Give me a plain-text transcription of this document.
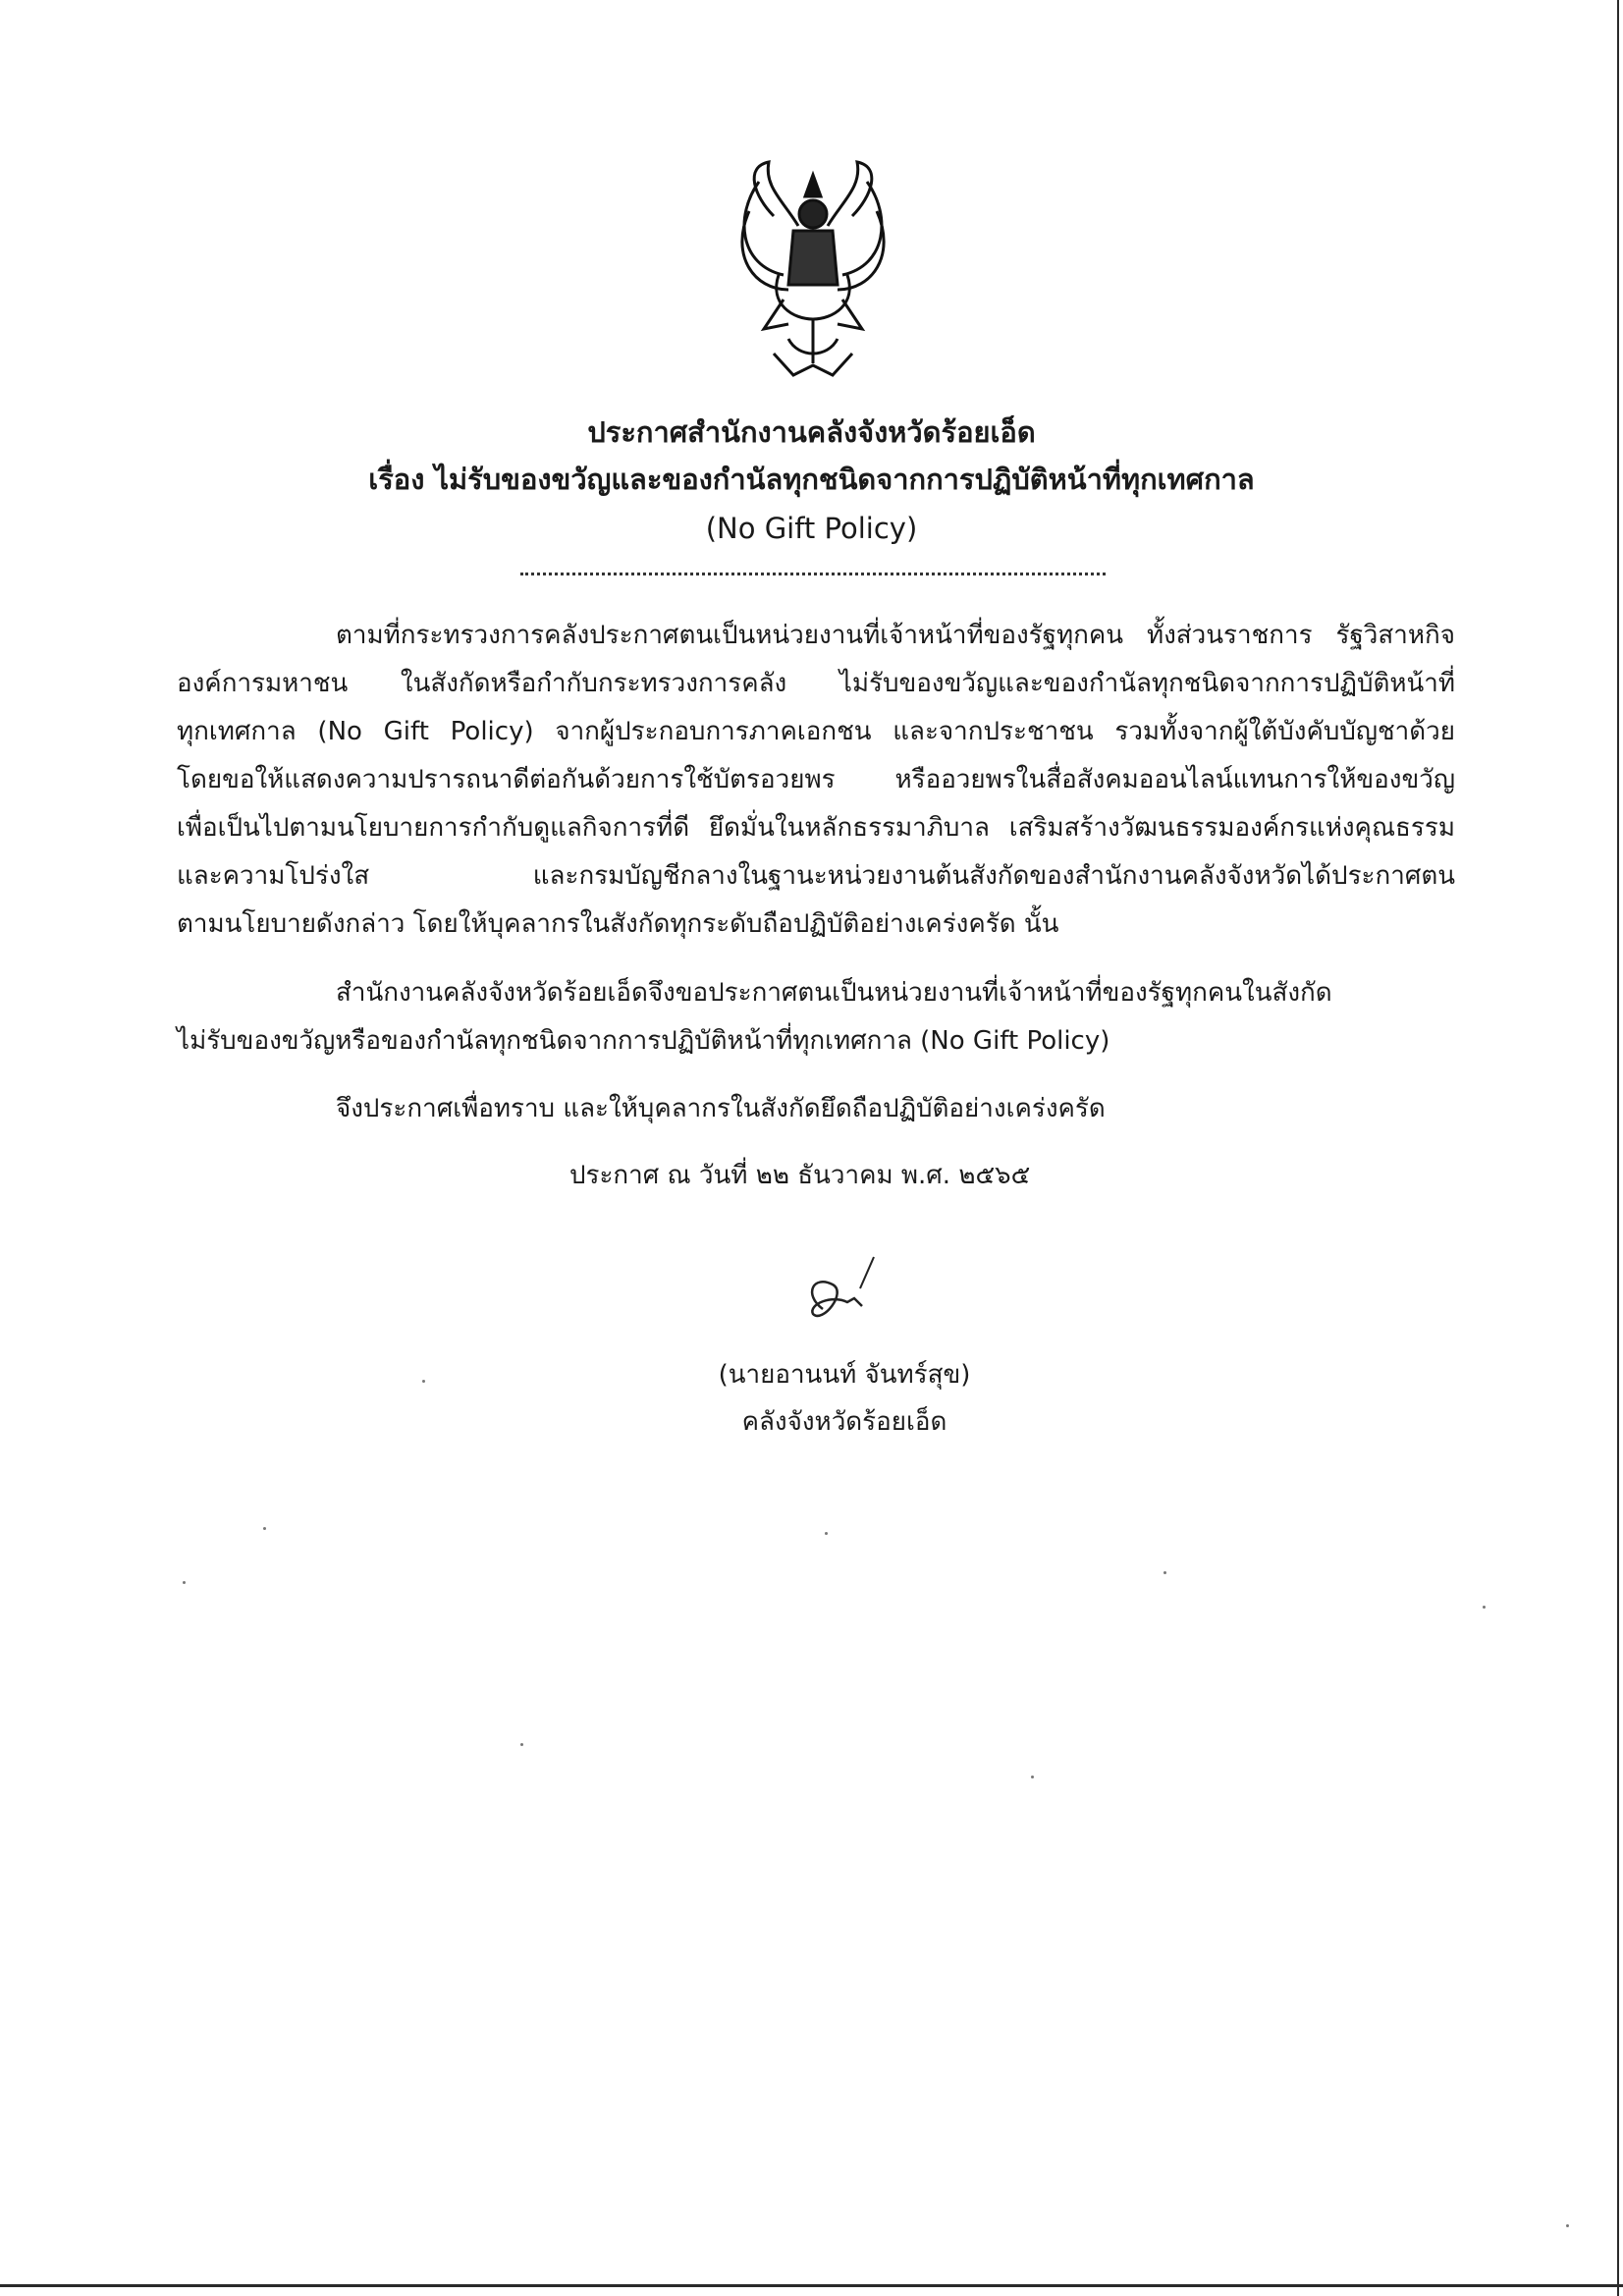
ประกาศสำนักงานคลังจังหวัดร้อยเอ็ด
เรื่อง ไม่รับของขวัญและของกำนัลทุกชนิดจากการปฏิบัติหน้าที่ทุกเทศกาล
(No Gift Policy)
ตามที่กระทรวงการคลังประกาศตนเป็นหน่วยงานที่เจ้าหน้าที่ของรัฐทุกคน ทั้งส่วนราชการ รัฐวิสาหกิจ
องค์การมหาชน ในสังกัดหรือกำกับกระทรวงการคลัง ไม่รับของขวัญและของกำนัลทุกชนิดจากการปฏิบัติหน้าที่
ทุกเทศกาล (No Gift Policy) จากผู้ประกอบการภาคเอกชน และจากประชาชน รวมทั้งจากผู้ใต้บังคับบัญชาด้วย
โดยขอให้แสดงความปรารถนาดีต่อกันด้วยการใช้บัตรอวยพร หรืออวยพรในสื่อสังคมออนไลน์แทนการให้ของขวัญ
เพื่อเป็นไปตามนโยบายการกำกับดูแลกิจการที่ดี ยึดมั่นในหลักธรรมาภิบาล เสริมสร้างวัฒนธรรมองค์กรแห่งคุณธรรม
และความโปร่งใส และกรมบัญชีกลางในฐานะหน่วยงานต้นสังกัดของสำนักงานคลังจังหวัดได้ประกาศตน
ตามนโยบายดังกล่าว โดยให้บุคลากรในสังกัดทุกระดับถือปฏิบัติอย่างเคร่งครัด นั้น
สำนักงานคลังจังหวัดร้อยเอ็ดจึงขอประกาศตนเป็นหน่วยงานที่เจ้าหน้าที่ของรัฐทุกคนในสังกัด
ไม่รับของขวัญหรือของกำนัลทุกชนิดจากการปฏิบัติหน้าที่ทุกเทศกาล (No Gift Policy)
จึงประกาศเพื่อทราบ และให้บุคลากรในสังกัดยึดถือปฏิบัติอย่างเคร่งครัด
ประกาศ ณ วันที่ ๒๒ ธันวาคม พ.ศ. ๒๕๖๕
(นายอานนท์ จันทร์สุข)
คลังจังหวัดร้อยเอ็ด
